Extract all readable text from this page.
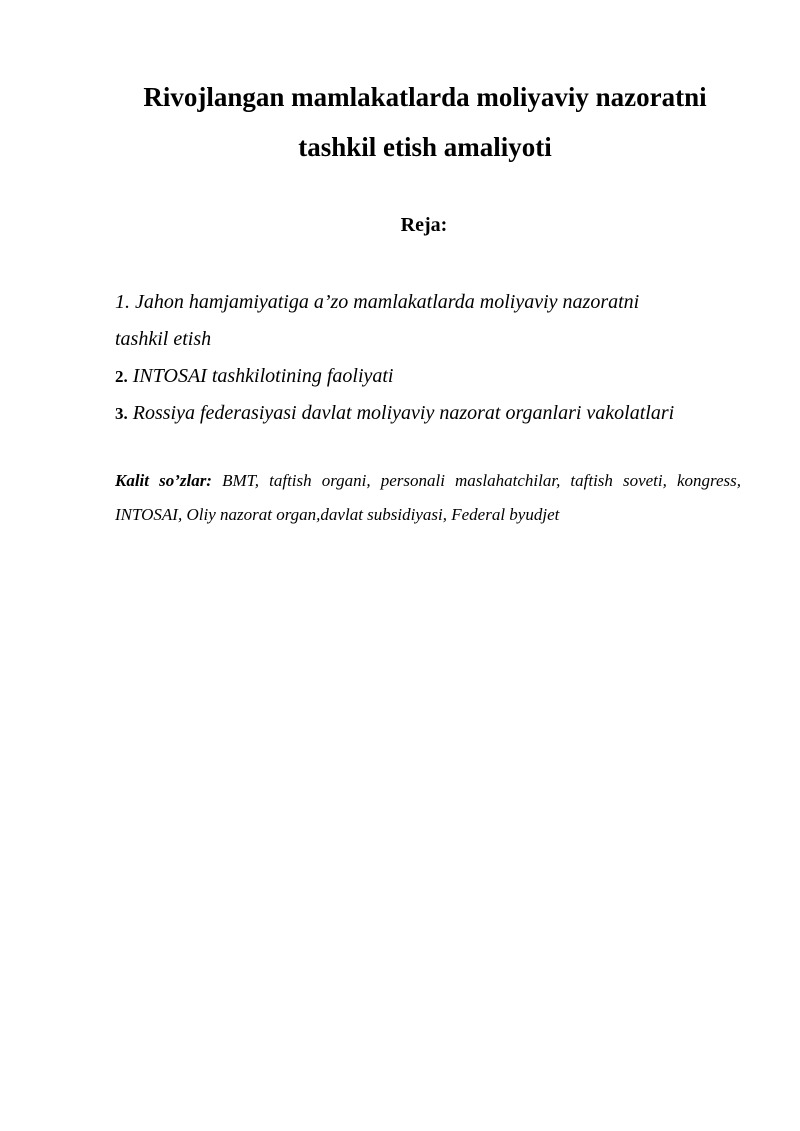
Rivojlangan mamlakatlarda moliyaviy nazoratni
tashkil etish amaliyoti
Reja:
1. Jahon hamjamiyatiga a’zo mamlakatlarda moliyaviy nazoratni
tashkil etish
2. INTOSAI tashkilotining faoliyati
3. Rossiya federasiyasi davlat moliyaviy nazorat organlari vakolatlari

Kalit so’zlar: BMT, taftish organi, personali maslahatchilar, taftish soveti, kongress, INTOSAI, Oliy nazorat organ,davlat subsidiyasi, Federal byudjet
